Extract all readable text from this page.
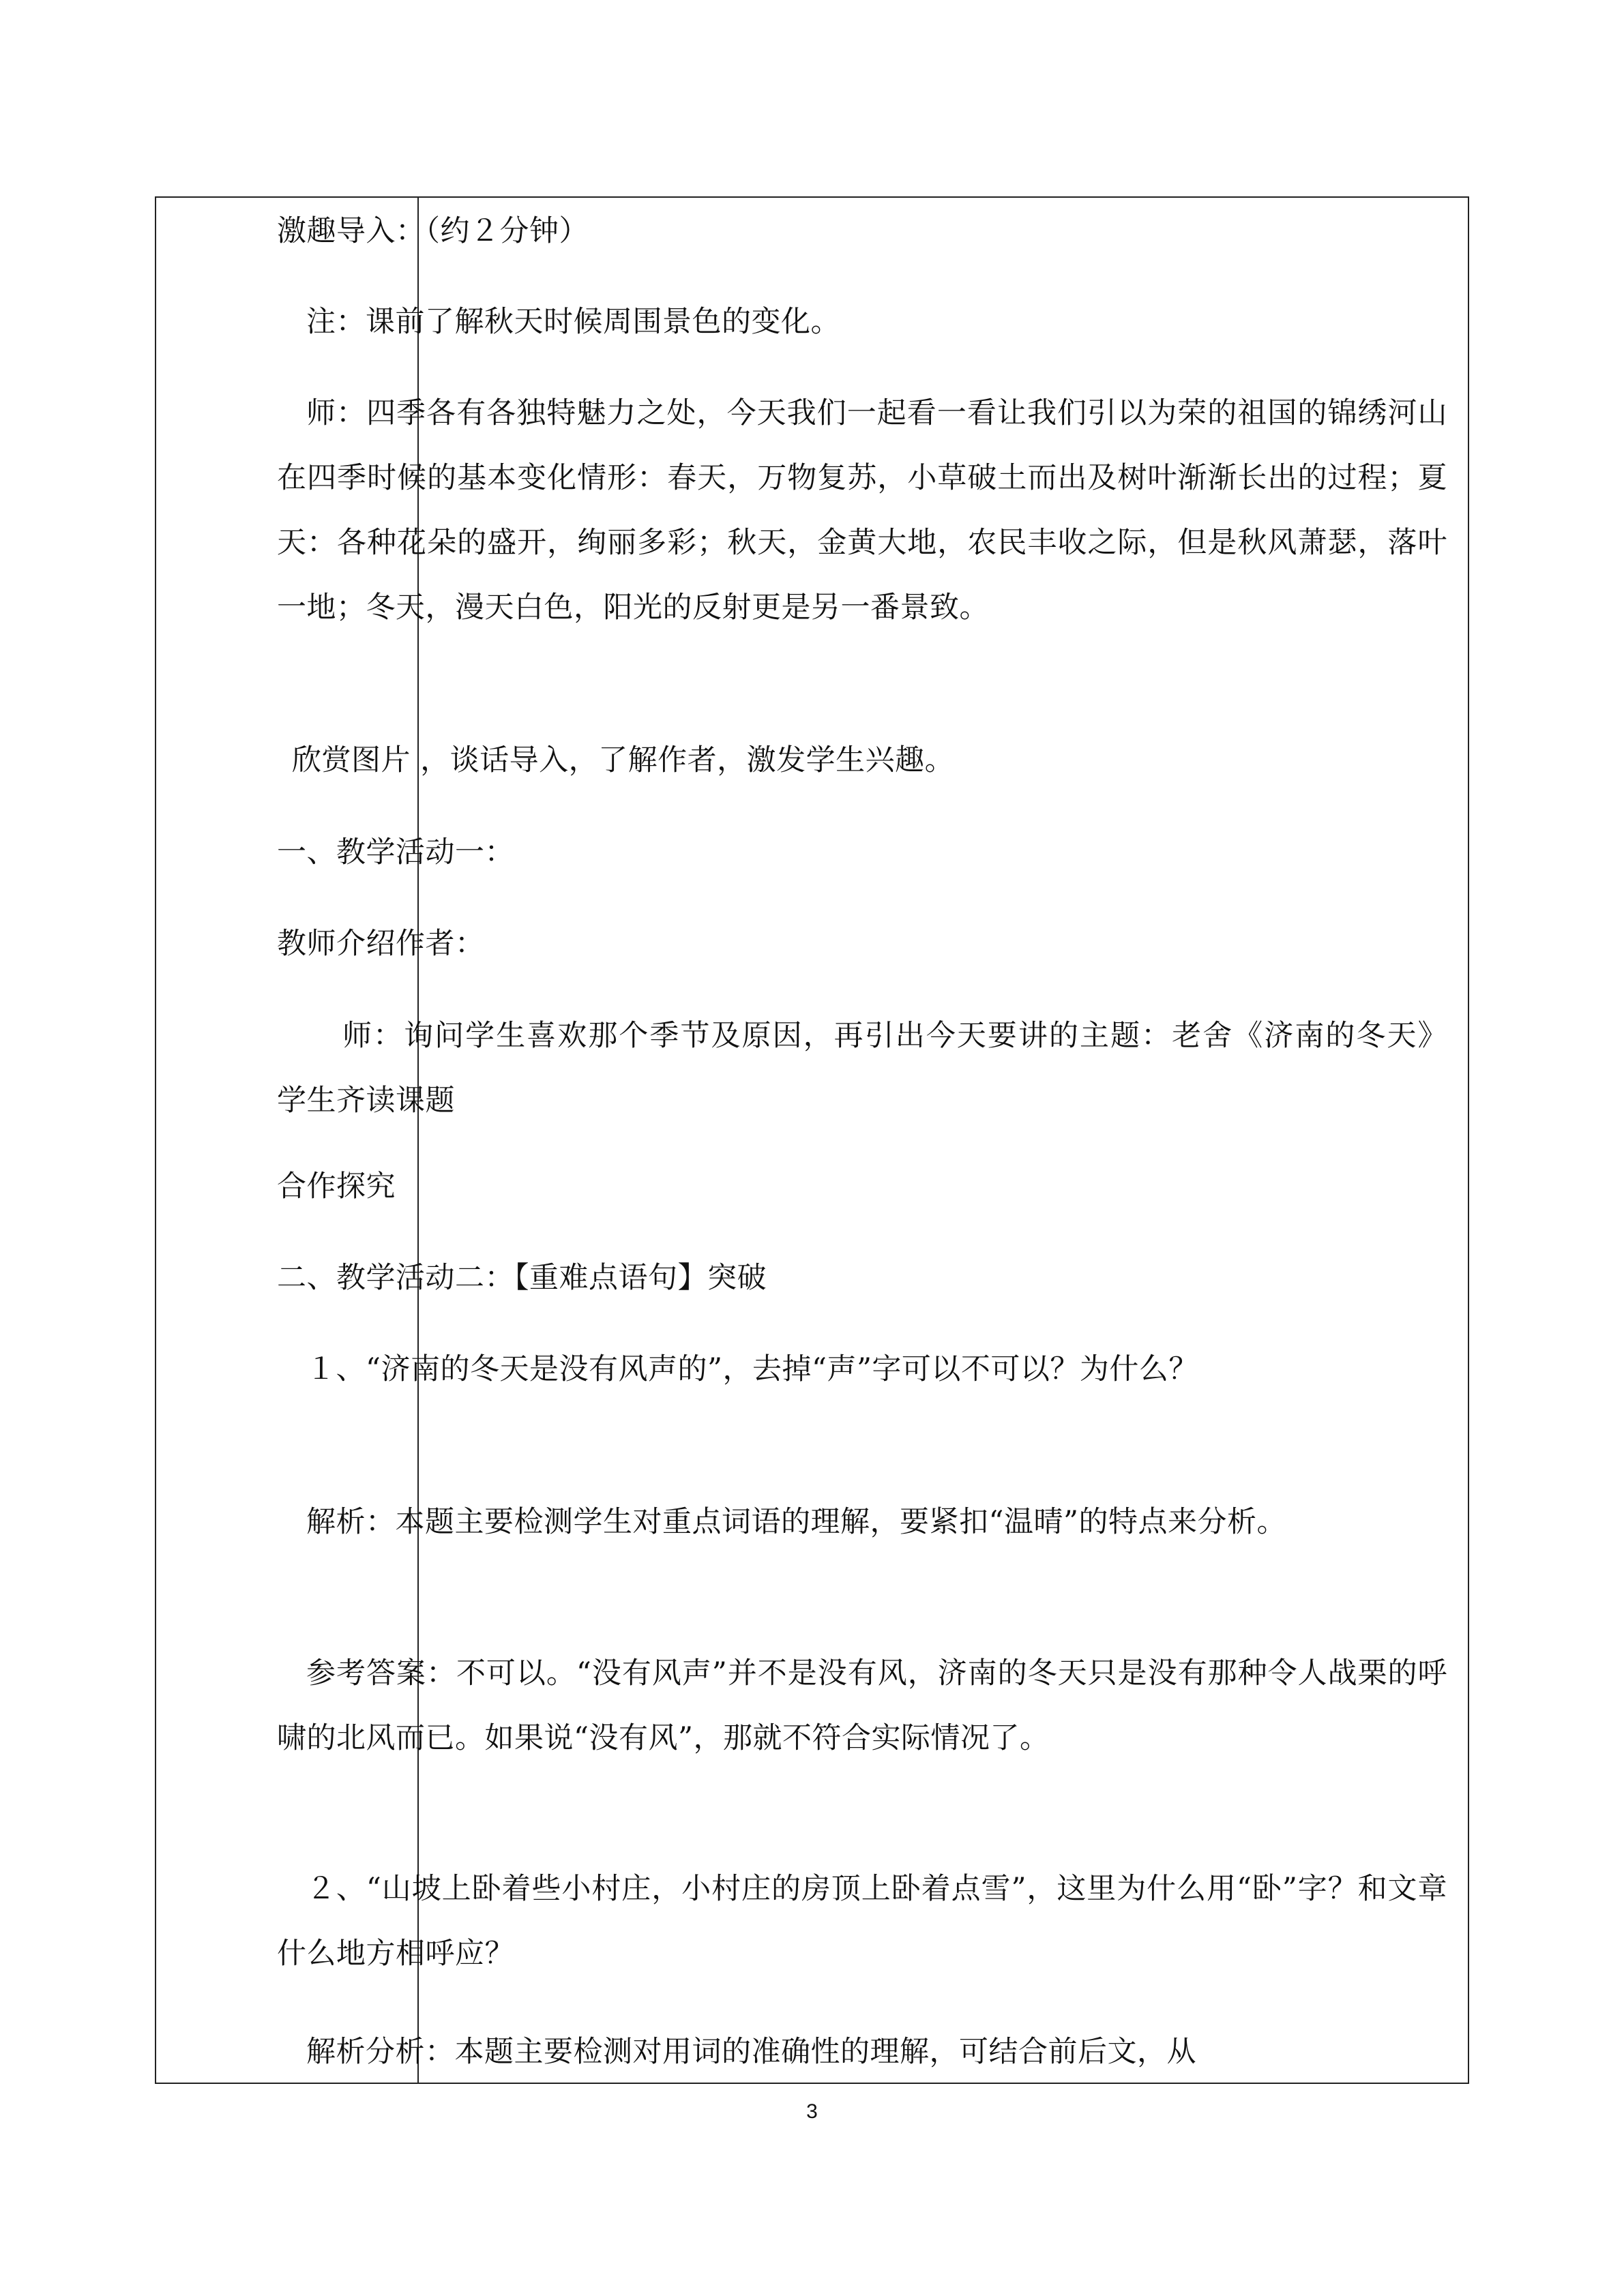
激趣导入：（约２分钟）

注：课前了解秋天时候周围景色的变化。

师：四季各有各独特魅力之处，今天我们一起看一看让我们引以为荣的祖国的锦绣河山在四季时候的基本变化情形：春天，万物复苏，小草破土而出及树叶渐渐长出的过程；夏天：各种花朵的盛开，绚丽多彩；秋天，金黄大地，农民丰收之际，但是秋风萧瑟，落叶一地；冬天，漫天白色，阳光的反射更是另一番景致。

欣赏图片 ，谈话导入，了解作者，激发学生兴趣。

一、教学活动一：

教师介绍作者：

师：询问学生喜欢那个季节及原因，再引出今天要讲的主题：老舍《济南的冬天》 学生齐读课题

合作探究

二、教学活动二：【重难点语句】突破

１、“济南的冬天是没有风声的”，去掉“声”字可以不可以？为什么？

解析：本题主要检测学生对重点词语的理解，要紧扣“温晴”的特点来分析。

参考答案：不可以。“没有风声”并不是没有风，济南的冬天只是没有那种令人战栗的呼啸的北风而已。如果说“没有风”，那就不符合实际情况了。

２、“山坡上卧着些小村庄，小村庄的房顶上卧着点雪”，这里为什么用“卧”字？和文章什么地方相呼应？

解析分析：本题主要检测对用词的准确性的理解，可结合前后文，从

3
